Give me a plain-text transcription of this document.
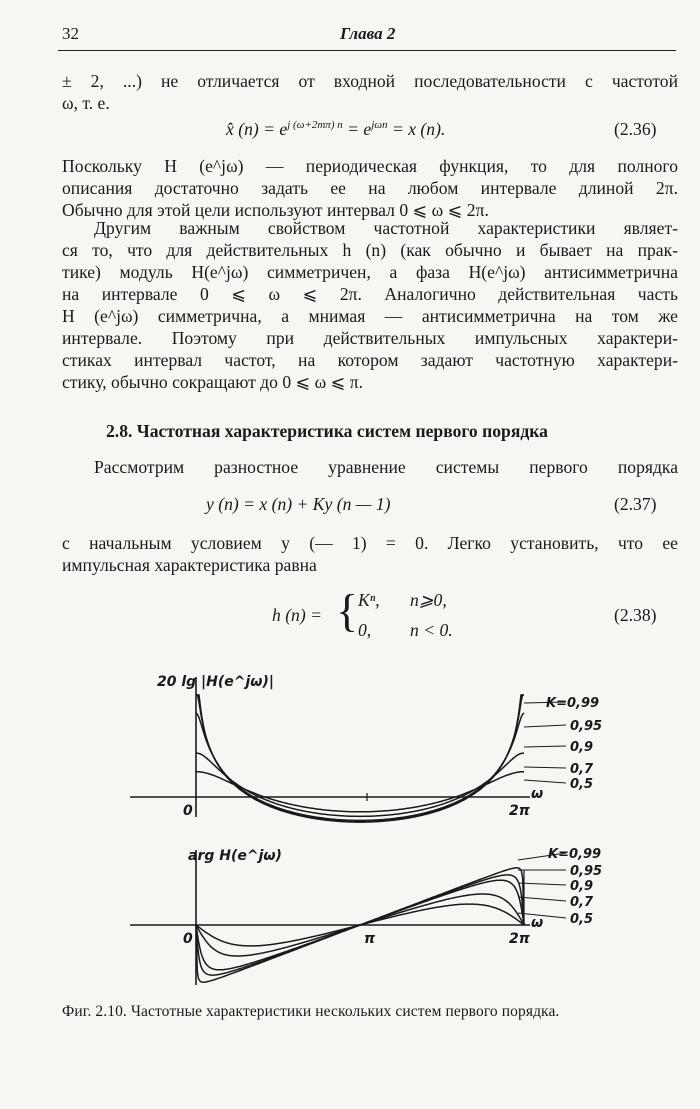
32	Глава 2
± 2, ...) не отличается от входной последовательности с частотой
ω, т. е.
x̂ $(n) = e^{j (\omega+2m\pi) n} = e^{j\omega n} = x$ (n).	(2.36)
Поскольку H (e^jω) — периодическая функция, то для полного
описания достаточно задать ее на любом интервале длиной 2π.
Обычно для этой цели используют интервал 0 ⩽ ω ⩽ 2π.
Другим важным свойством частотной характеристики являет-
ся то, что для действительных h (n) (как обычно и бывает на прак-
тике) модуль H(e^jω) симметричен, а фаза H(e^jω) антисимметрична
на интервале 0 ⩽ ω ⩽ 2π. Аналогично действительная часть
H (e^jω) симметрична, а мнимая — антисимметрична на том же
интервале. Поэтому при действительных импульсных характери-
стиках интервал частот, на котором задают частотную характери-
стику, обычно сокращают до 0 ⩽ ω ⩽ π.
2.8. Частотная характеристика систем первого порядка
Рассмотрим разностное уравнение системы первого порядка
y (n) = x (n) + Ky (n — 1)	(2.37)
с начальным условием y (— 1) = 0. Легко установить, что ее
импульсная характеристика равна
h (n) = { Kⁿ, n⩾0,
0, n < 0.
(2.38)
20 lg |H(e^jω)|
0	2π
ω
K=0,99
0,95
0,9
0,7
0,5
arg H(e^jω)
0	π	2π
ω
K=0,99
0,95
0,9
0,7
0,5
Фиг. 2.10. Частотные характеристики нескольких систем первого порядка.
